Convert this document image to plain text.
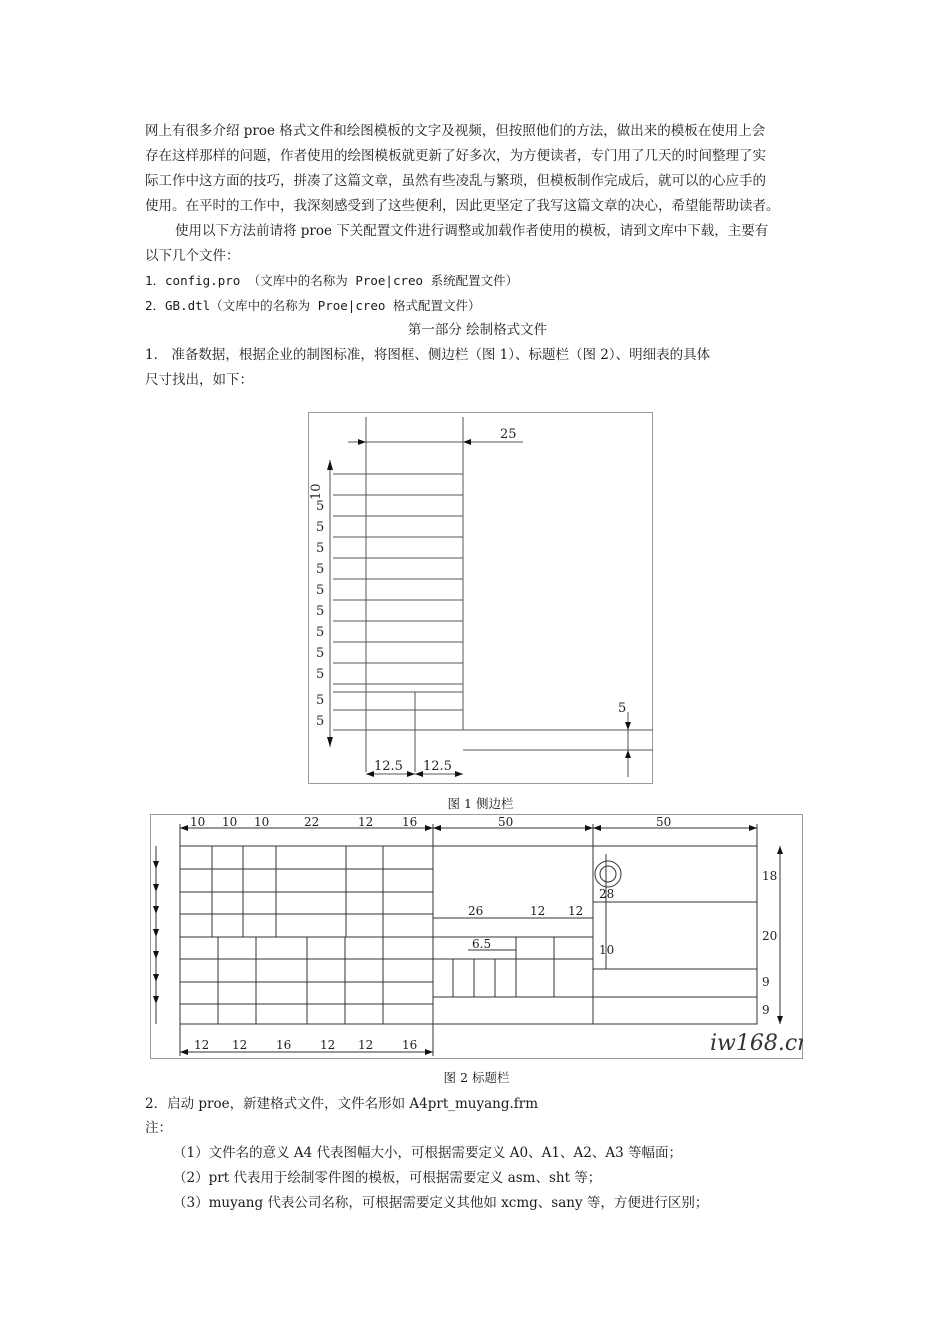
网上有很多介绍 proe 格式文件和绘图模板的文字及视频，但按照他们的方法，做出来的模板在使用上会
存在这样那样的问题，作者使用的绘图模板就更新了好多次，为方便读者，专门用了几天的时间整理了实
际工作中这方面的技巧，拼凑了这篇文章，虽然有些凌乱与繁琐，但模板制作完成后，就可以的心应手的
使用。在平时的工作中，我深刻感受到了这些便利，因此更坚定了我写这篇文章的决心，希望能帮助读者。
使用以下方法前请将 proe 下关配置文件进行调整或加载作者使用的模板，请到文库中下载，主要有
以下几个文件：
1．config.pro （文库中的名称为 Proe|creo 系统配置文件）
2．GB.dtl（文库中的名称为 Proe|creo 格式配置文件）
第一部分 绘制格式文件
1． 准备数据，根据企业的制图标准，将图框、侧边栏（图 1）、标题栏（图 2）、明细表的具体
尺寸找出，如下：
25
10
5
5
5
5
5
5
5
5
5
5
5
5
12.5 12.5
图 1 侧边栏
10 10 10	22	12 16	50	50
12 12 16 12 12 16
26	12 12
6.5
28
10
18
20
9
9
iw168.cn
图 2 标题栏
2．启动 proe，新建格式文件，文件名形如 A4prt_muyang.frm
注：
（1）文件名的意义 A4 代表图幅大小，可根据需要定义 A0、A1、A2、A3 等幅面；
（2）prt 代表用于绘制零件图的模板，可根据需要定义 asm、sht 等；
（3）muyang 代表公司名称，可根据需要定义其他如 xcmg、sany 等，方便进行区别；
